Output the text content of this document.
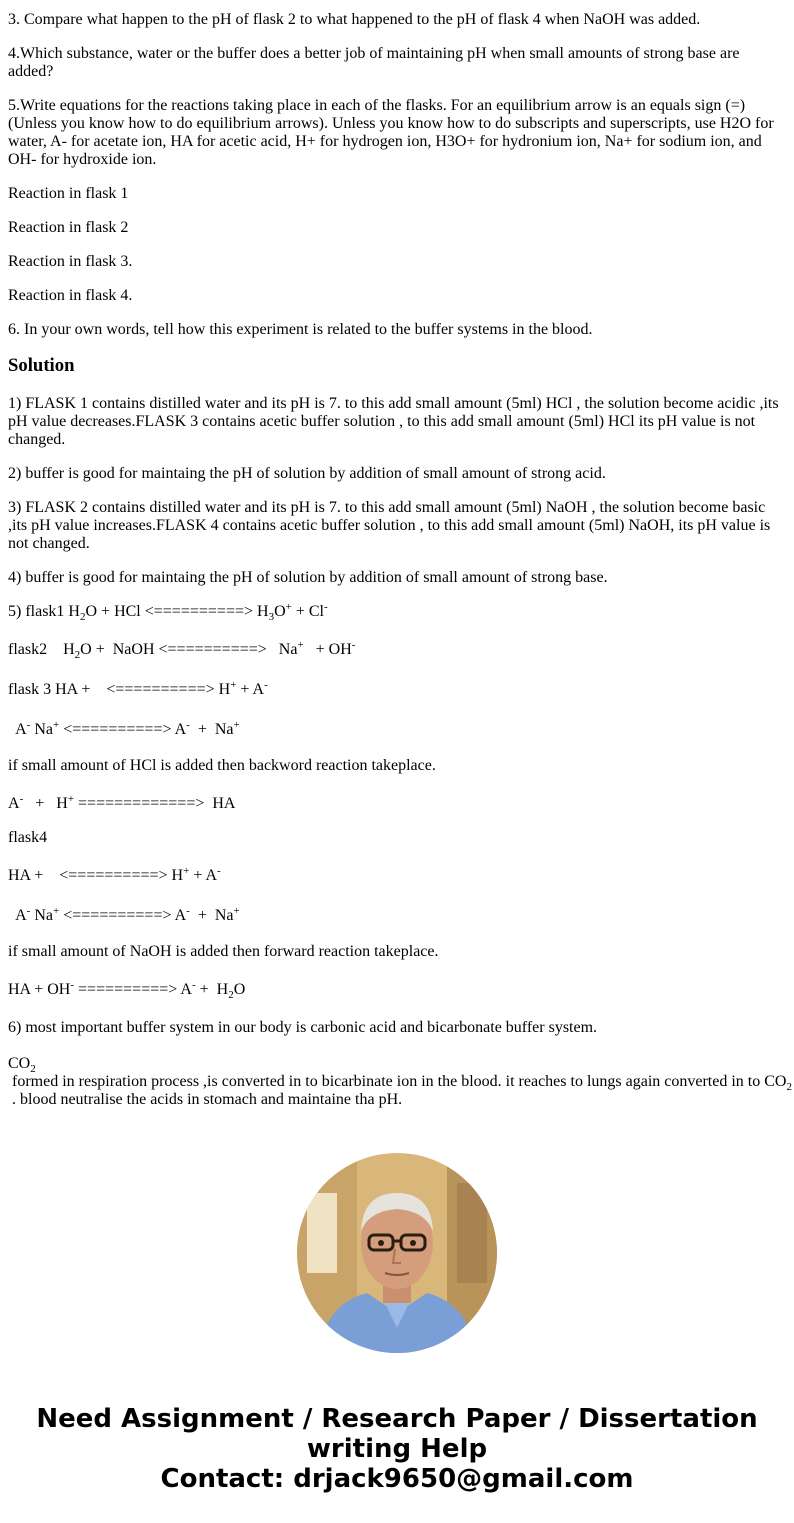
3. Compare what happen to the pH of flask 2 to what happened to the pH of flask 4 when NaOH was added.

4.Which substance, water or the buffer does a better job of maintaining pH when small amounts of strong base are added?

5.Write equations for the reactions taking place in each of the flasks. For an equilibrium arrow is an equals sign (=) (Unless you know how to do equilibrium arrows). Unless you know how to do subscripts and superscripts, use H2O for water, A- for acetate ion, HA for acetic acid, H+ for hydrogen ion, H3O+ for hydronium ion, Na+ for sodium ion, and OH- for hydroxide ion.

Reaction in flask 1

Reaction in flask 2

Reaction in flask 3.

Reaction in flask 4.

6. In your own words, tell how this experiment is related to the buffer systems in the blood.

Solution

1) FLASK 1 contains distilled water and its pH is 7. to this add small amount (5ml) HCl , the solution become acidic ,its pH value decreases.FLASK 3 contains acetic buffer solution , to this add small amount (5ml) HCl its pH value is not changed.

2) buffer is good for maintaing the pH of solution by addition of small amount of strong acid.

3) FLASK 2 contains distilled water and its pH is 7. to this add small amount (5ml) NaOH , the solution become basic ,its pH value increases.FLASK 4 contains acetic buffer solution , to this add small amount (5ml) NaOH, its pH value is not changed.

4) buffer is good for maintaing the pH of solution by addition of small amount of strong base.

5) flask1 $H_2O$ + HCl <==========> $H_3O^+ + Cl^-$

flask2    $H_2O$ +  NaOH <==========>   Na+   + OH-

flask 3 HA +    <==========> H+ + A-

A- Na+ <==========> A-  +  Na+

if small amount of HCl is added then backword reaction takeplace.

A-   +   H+ =============>  HA

flask4

HA +    <==========> H+ + A-

A- Na+ <==========> A-  +  Na+

if small amount of NaOH is added then forward reaction takeplace.

HA + OH- ==========> $A^- + H_2O$

6) most important buffer system in our body is carbonic acid and bicarbonate buffer system.

$CO_2$ formed in respiration process ,is converted in to bicarbinate ion in the blood. it reaches to lungs again converted in to $CO_2$ . blood neutralise the acids in stomach and maintaine tha pH.

Need Assignment / Research Paper / Dissertation writing Help
Contact: drjack9650@gmail.com
